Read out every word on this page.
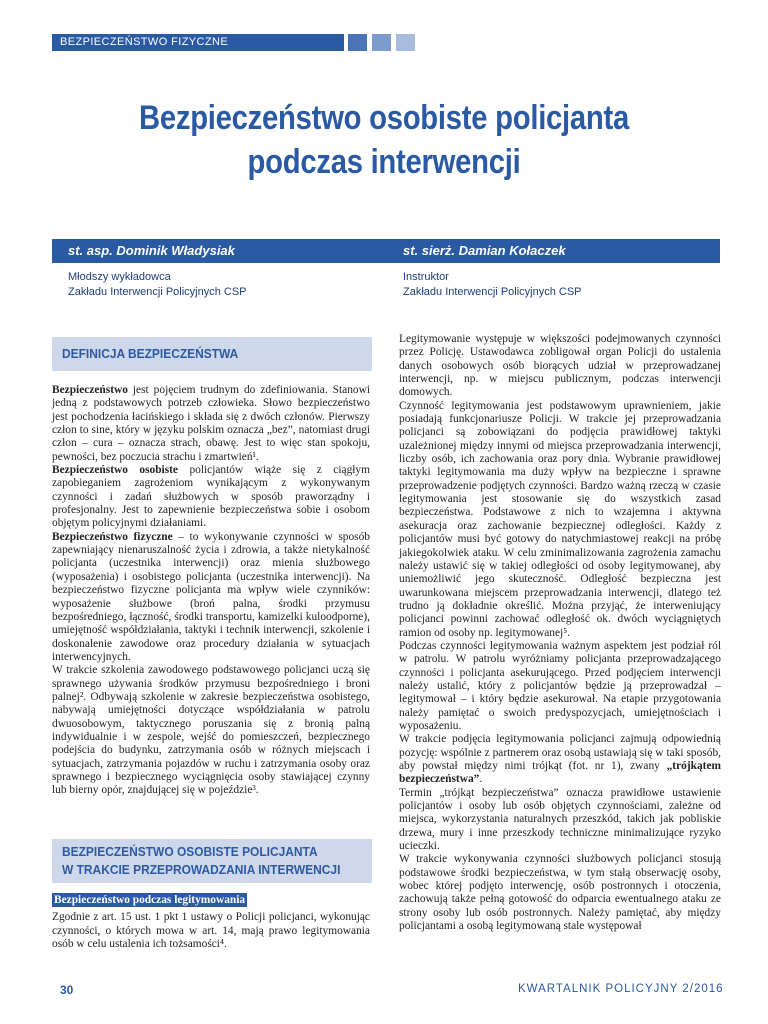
BEZPIECZEŃSTWO FIZYCZNE
Bezpieczeństwo osobiste policjanta
podczas interwencji
st. asp. Dominik Władysiak	st. sierż. Damian Kołaczek
Młodszy wykładowca
Zakładu Interwencji Policyjnych CSP
Instruktor
Zakładu Interwencji Policyjnych CSP
DEFINICJA BEZPIECZEŃSTWA

Bezpieczeństwo jest pojęciem trudnym do zdefiniowania. Stanowi jedną z podstawowych potrzeb człowieka. Słowo bezpieczeństwo jest pochodzenia łacińskiego i składa się z dwóch członów. Pierwszy człon to sine, który w języku polskim oznacza „bez”, natomiast drugi człon – cura – oznacza strach, obawę. Jest to więc stan spokoju, pewności, bez poczucia strachu i zmartwień¹.

Bezpieczeństwo osobiste policjantów wiąże się z ciągłym zapobieganiem zagrożeniom wynikającym z wykonywanym czynności i zadań służbowych w sposób praworządny i profesjonalny. Jest to zapewnienie bezpieczeństwa sobie i osobom objętym policyjnymi działaniami.

Bezpieczeństwo fizyczne – to wykonywanie czynności w sposób zapewniający nienaruszalność życia i zdrowia, a także nietykalność policjanta (uczestnika interwencji) oraz mienia służbowego (wyposażenia) i osobistego policjanta (uczestnika interwencji). Na bezpieczeństwo fizyczne policjanta ma wpływ wiele czynników: wyposażenie służbowe (broń palna, środki przymusu bezpośredniego, łączność, środki transportu, kamizelki kuloodporne), umiejętność współdziałania, taktyki i technik interwencji, szkolenie i doskonalenie zawodowe oraz procedury działania w sytuacjach interwencyjnych.

W trakcie szkolenia zawodowego podstawowego policjanci uczą się sprawnego używania środków przymusu bezpośredniego i broni palnej². Odbywają szkolenie w zakresie bezpieczeństwa osobistego, nabywają umiejętności dotyczące współdziałania w patrolu dwuosobowym, taktycznego poruszania się z bronią palną indywidualnie i w zespole, wejść do pomieszczeń, bezpiecznego podejścia do budynku, zatrzymania osób w różnych miejscach i sytuacjach, zatrzymania pojazdów w ruchu i zatrzymania osoby oraz sprawnego i bezpiecznego wyciągnięcia osoby stawiającej czynny lub bierny opór, znajdującej się w pojeździe³.

BEZPIECZEŃSTWO OSOBISTE POLICJANTA
W TRAKCIE PRZEPROWADZANIA INTERWENCJI
Bezpieczeństwo podczas legitymowania

Zgodnie z art. 15 ust. 1 pkt 1 ustawy o Policji policjanci, wykonując czynności, o których mowa w art. 14, mają prawo legitymowania osób w celu ustalenia ich tożsamości⁴.

Legitymowanie występuje w większości podejmowanych czynności przez Policję. Ustawodawca zobligował organ Policji do ustalenia danych osobowych osób biorących udział w przeprowadzanej interwencji, np. w miejscu publicznym, podczas interwencji domowych.

Czynność legitymowania jest podstawowym uprawnieniem, jakie posiadają funkcjonariusze Policji. W trakcie jej przeprowadzania policjanci są zobowiązani do podjęcia prawidłowej taktyki uzależnionej między innymi od miejsca przeprowadzania interwencji, liczby osób, ich zachowania oraz pory dnia. Wybranie prawidłowej taktyki legitymowania ma duży wpływ na bezpieczne i sprawne przeprowadzenie podjętych czynności. Bardzo ważną rzeczą w czasie legitymowania jest stosowanie się do wszystkich zasad bezpieczeństwa. Podstawowe z nich to wzajemna i aktywna asekuracja oraz zachowanie bezpiecznej odległości. Każdy z policjantów musi być gotowy do natychmiastowej reakcji na próbę jakiegokolwiek ataku. W celu zminimalizowania zagrożenia zamachu należy ustawić się w takiej odległości od osoby legitymowanej, aby uniemożliwić jego skuteczność. Odległość bezpieczna jest uwarunkowana miejscem przeprowadzania interwencji, dlatego też trudno ją dokładnie określić. Można przyjąć, że interweniujący policjanci powinni zachować odległość ok. dwóch wyciągniętych ramion od osoby np. legitymowanej⁵.

Podczas czynności legitymowania ważnym aspektem jest podział ról w patrolu. W patrolu wyróżniamy policjanta przeprowadzającego czynności i policjanta asekurującego. Przed podjęciem interwencji należy ustalić, który z policjantów będzie ją przeprowadzał – legitymował – i który będzie asekurował. Na etapie przygotowania należy pamiętać o swoich predyspozycjach, umiejętnościach i wyposażeniu.

W trakcie podjęcia legitymowania policjanci zajmują odpowiednią pozycję: wspólnie z partnerem oraz osobą ustawiają się w taki sposób, aby powstał między nimi trójkąt (fot. nr 1), zwany „trójkątem bezpieczeństwa”.

Termin „trójkąt bezpieczeństwa” oznacza prawidłowe ustawienie policjantów i osoby lub osób objętych czynnościami, zależne od miejsca, wykorzystania naturalnych przeszkód, takich jak pobliskie drzewa, mury i inne przeszkody techniczne minimalizujące ryzyko ucieczki.

W trakcie wykonywania czynności służbowych policjanci stosują podstawowe środki bezpieczeństwa, w tym stałą obserwację osoby, wobec której podjęto interwencję, osób postronnych i otoczenia, zachowują także pełną gotowość do odparcia ewentualnego ataku ze strony osoby lub osób postronnych. Należy pamiętać, aby między policjantami a osobą legitymowaną stale występował

30	KWARTALNIK POLICYJNY 2/2016
